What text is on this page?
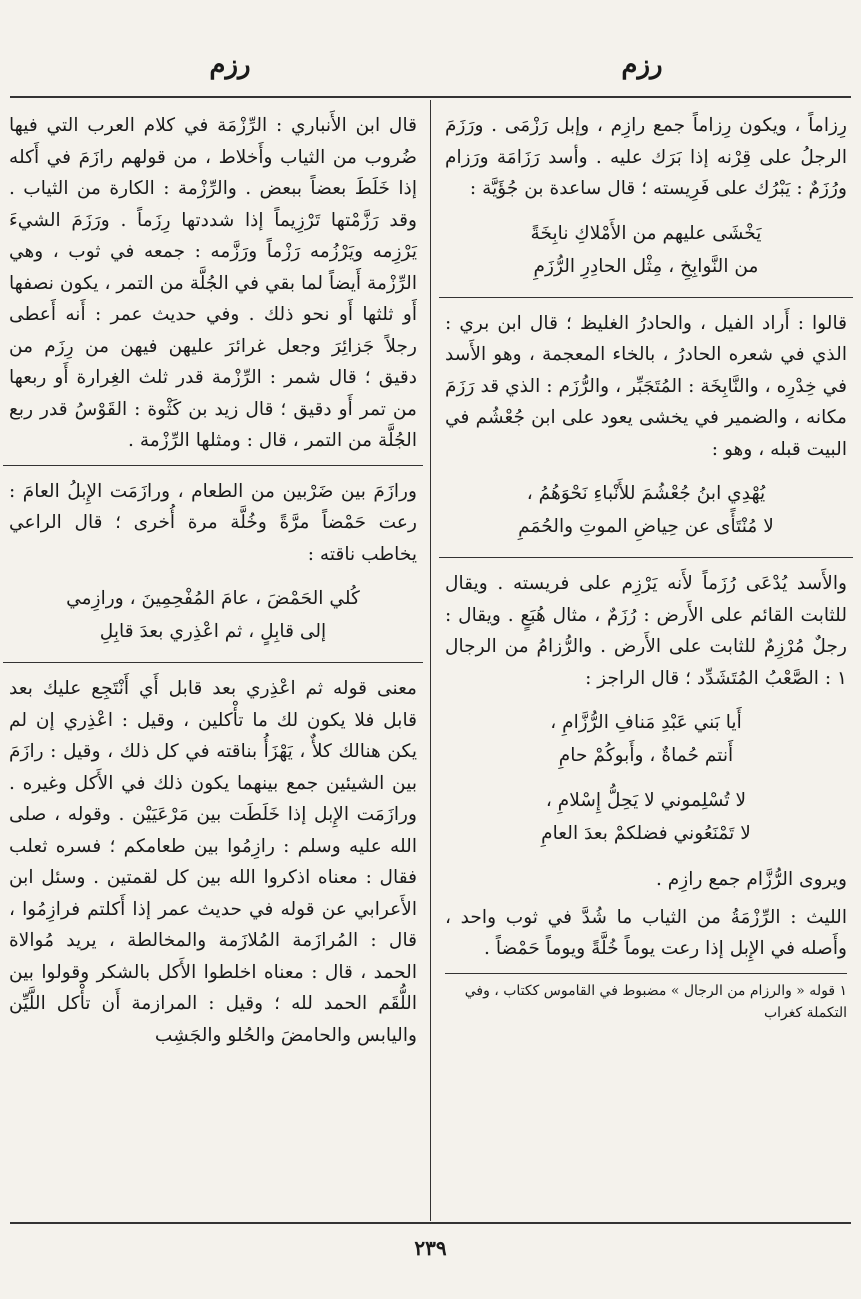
رزم
رزم

رِزاماً ، ويكون رِزاماً جمع رازِم ، وإبل رَزْمَى . ورَزَمَ الرجلُ على قِرْنه إذا بَرَك عليه . وأسد رَزَامَة ورَزام ورُزَمٌ : يَبْرُك على فَرِيسته ؛ قال ساعدة بن جُؤَيَّة :

يَخْشَى عليهم من الأَمْلاكِ نابِخَةً
من النَّوابِخِ ، مِثْل الحادِرِ الرُّزَمِ

قالوا : أَراد الفيل ، والحادرُ الغليظ ؛ قال ابن بري : الذي في شعره الحادرُ ، بالخاء المعجمة ، وهو الأَسد في خِدْرِه ، والنَّابِخَة : المُتَجَبِّر ، والرُّزَم : الذي قد رَزَمَ مكانه ، والضمير في يخشى يعود على ابن جُعْشُم في البيت قبله ، وهو :

يُهْدِي ابنُ جُعْشُمَ للأَنْباءِ نَحْوَهُمُ ،
لا مُنْتَأًى عن حِياضِ الموتِ والحُمَمِ

والأَسد يُدْعَى رُزَماً لأَنه يَرْزِم على فريسته . ويقال للثابت القائم على الأَرض : رُزَمٌ ، مثال هُبَعٍ . ويقال : رجلٌ مُرْزِمٌ للثابت على الأَرض . والرُّزامُ من الرجال ١ : الصَّعْبُ المُتَشَدِّد ؛ قال الراجز :

أَيا بَني عَبْدِ مَنافِ الرُّزَّامِ ،
أَنتم حُماةٌ ، وأَبوكُمْ حامِ
لا تُسْلِموني لا يَحِلُّ إِسْلامِ ،
لا تَمْنَعُوني فضلكمْ بعدَ العامِ

ويروى الرُّزَّام جمع رازِم .

الليث : الرِّزْمَةُ من الثياب ما شُدَّ في ثوب واحد ، وأَصله في الإِبل إذا رعت يوماً خُلَّةً ويوماً حَمْضاً .

١ قوله « والرزام من الرجال » مضبوط في القاموس ككتاب ، وفي التكملة كغراب

قال ابن الأَنباري : الرِّزْمَة في كلام العرب التي فيها ضُروب من الثياب وأَخلاط ، من قولهم رازَمَ في أَكله إذا خَلَطَ بعضاً ببعض . والرِّزْمة : الكارة من الثياب . وقد رَزَّمْتها تَرْزِيماً إذا شددتها رِزَماً . ورَزَمَ الشيءَ يَرْزِمه ويَرْزُمه رَزْماً ورَزَّمه : جمعه في ثوب ، وهي الرِّزْمة أَيضاً لما بقي في الجُلَّة من التمر ، يكون نصفها أَو ثلثها أَو نحو ذلك . وفي حديث عمر : أَنه أَعطى رجلاً جَزائِرَ وجعل غرائرَ عليهن فيهن من رِزَم من دقيق ؛ قال شمر : الرِّزْمة قدر ثلث الغِرارة أَو ربعها من تمر أَو دقيق ؛ قال زيد بن كَثْوة : القَوْسُ قدر ربع الجُلَّة من التمر ، قال : ومثلها الرِّزْمة .

ورازَمَ بين ضَرْبين من الطعام ، ورازَمَت الإِبلُ العامَ : رعت حَمْضاً مرَّةً وخُلَّة مرة أُخرى ؛ قال الراعي يخاطب ناقته :

كُلي الحَمْضَ ، عامَ المُفْحِمِينَ ، ورازِمي
إلى قابِلٍ ، ثم اعْذِري بعدَ قابِلِ

معنى قوله ثم اعْذِري بعد قابل أَي أَنْتَجِع عليك بعد قابل فلا يكون لك ما تأْكلين ، وقيل : اعْذِري إن لم يكن هنالك كلأٌ ، يَهْزَأُ بناقته في كل ذلك ، وقيل : رازَمَ بين الشيئين جمع بينهما يكون ذلك في الأَكل وغيره . ورازَمَت الإِبل إذا خَلَطَت بين مَرْعَيَيْن . وقوله ، صلى الله عليه وسلم : رازِمُوا بين طعامكم ؛ فسره ثعلب فقال : معناه اذكروا الله بين كل لقمتين . وسئل ابن الأَعرابي عن قوله في حديث عمر إذا أَكلتم فرازِمُوا ، قال : المُرازَمة المُلازَمة والمخالطة ، يريد مُوالاة الحمد ، قال : معناه اخلطوا الأَكل بالشكر وقولوا بين اللُّقَم الحمد لله ؛ وقيل : المرازمة أَن تأْكل اللَّيِّن واليابس والحامضَ والحُلو والجَشِب

٢٣٩
